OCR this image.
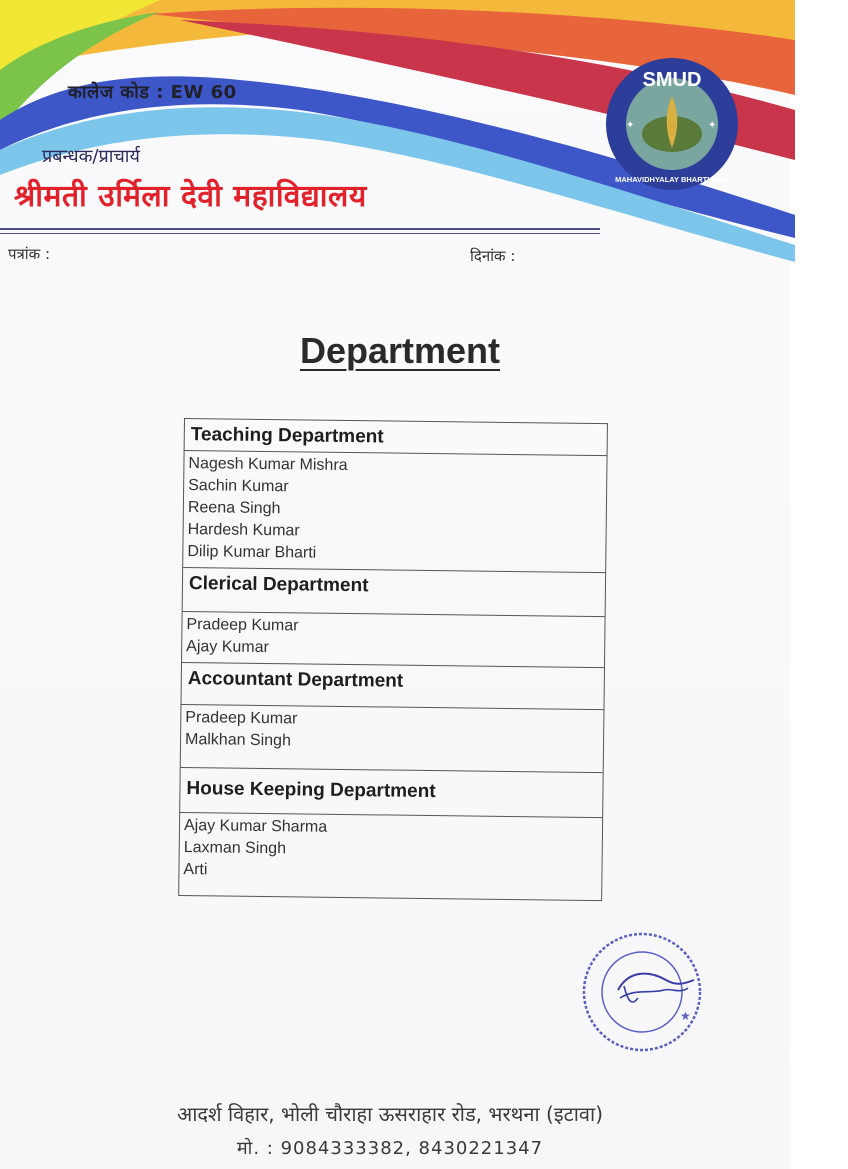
कालेज कोड : EW 60
प्रबन्धक/प्राचार्य
श्रीमती उर्मिला देवी महाविद्यालय
पत्रांक :	दिनांक :
SMUD
✦	✦
MAHAVIDHYALAY BHARTHANA
Department
Teaching Department
Nagesh Kumar Mishra
Sachin Kumar
Reena Singh
Hardesh Kumar
Dilip Kumar Bharti
Clerical Department
Pradeep Kumar
Ajay Kumar
Accountant Department
Pradeep Kumar
Malkhan Singh
House Keeping Department
Ajay Kumar Sharma
Laxman Singh
Arti
★
आदर्श विहार, भोली चौराहा ऊसराहार रोड, भरथना (इटावा)
मो. : 9084333382, 8430221347
